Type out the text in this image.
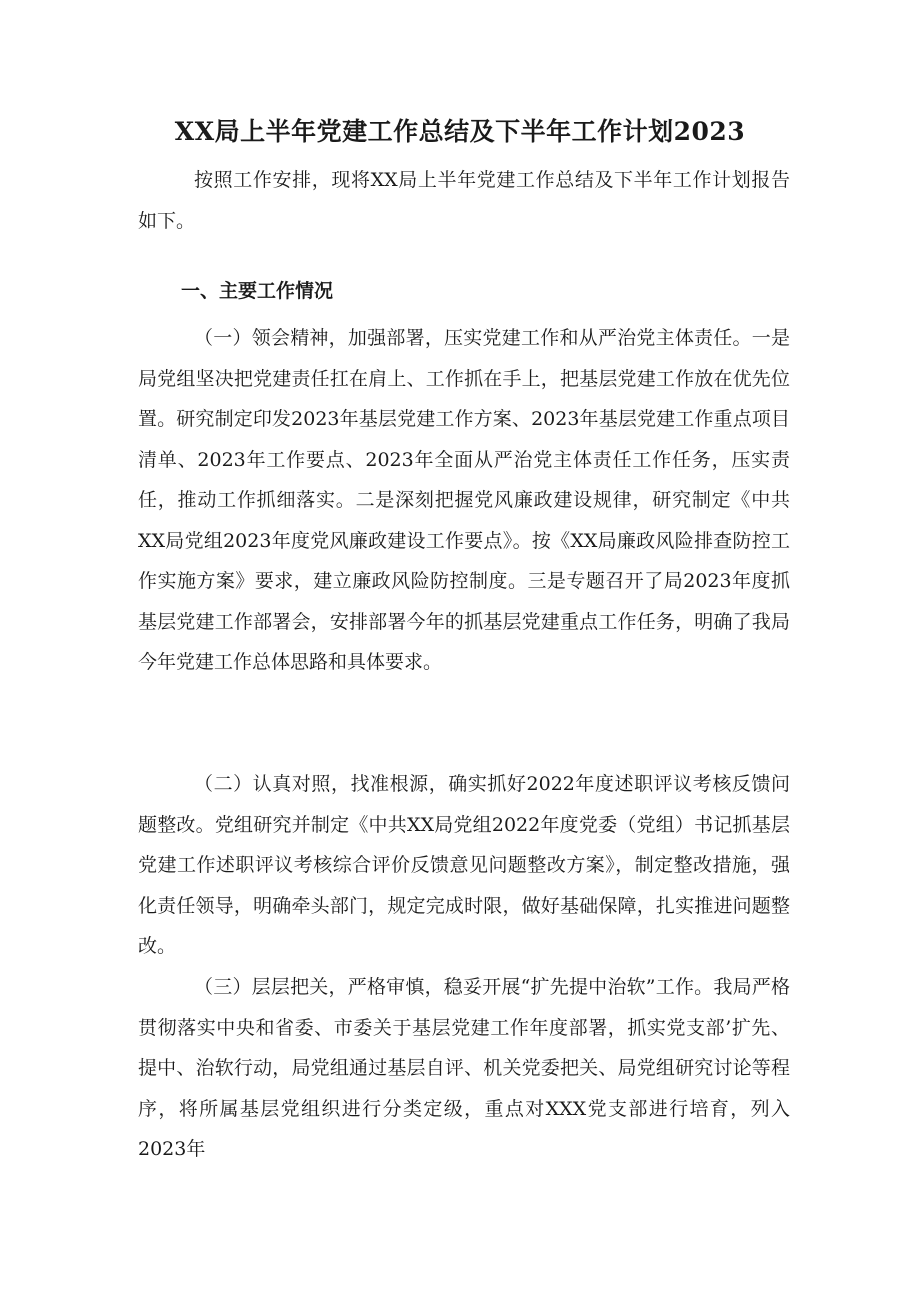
XX局上半年党建工作总结及下半年工作计划2023

按照工作安排，现将XX局上半年党建工作总结及下半年工作计划报告如下。

一、主要工作情况

（一）领会精神，加强部署，压实党建工作和从严治党主体责任。一是局党组坚决把党建责任扛在肩上、工作抓在手上，把基层党建工作放在优先位置。研究制定印发2023年基层党建工作方案、2023年基层党建工作重点项目清单、2023年工作要点、2023年全面从严治党主体责任工作任务，压实责任，推动工作抓细落实。二是深刻把握党风廉政建设规律，研究制定《中共XX局党组2023年度党风廉政建设工作要点》。按《XX局廉政风险排查防控工作实施方案》要求，建立廉政风险防控制度。三是专题召开了局2023年度抓基层党建工作部署会，安排部署今年的抓基层党建重点工作任务，明确了我局今年党建工作总体思路和具体要求。

（二）认真对照，找准根源，确实抓好2022年度述职评议考核反馈问题整改。党组研究并制定《中共XX局党组2022年度党委（党组）书记抓基层党建工作述职评议考核综合评价反馈意见问题整改方案》，制定整改措施，强化责任领导，明确牵头部门，规定完成时限，做好基础保障，扎实推进问题整改。

（三）层层把关，严格审慎，稳妥开展“扩先提中治软”工作。我局严格贯彻落实中央和省委、市委关于基层党建工作年度部署，抓实党支部’扩先、提中、治软行动，局党组通过基层自评、机关党委把关、局党组研究讨论等程序，将所属基层党组织进行分类定级，重点对XXX党支部进行培育，列入2023年
